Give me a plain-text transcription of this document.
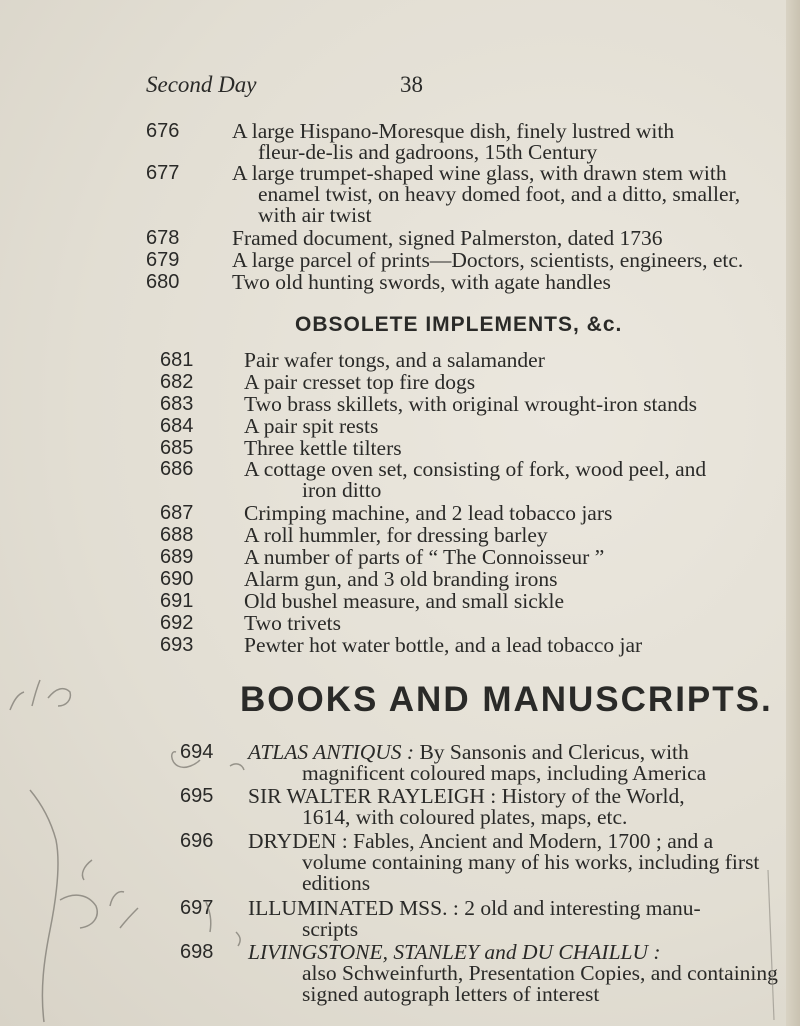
Second Day	38
676 A large Hispano-Moresque dish, finely lustred with
fleur-de-lis and gadroons, 15th Century
677 A large trumpet-shaped wine glass, with drawn stem with
enamel twist, on heavy domed foot, and a ditto, smaller,
with air twist
678 Framed document, signed Palmerston, dated 1736
679 A large parcel of prints—Doctors, scientists, engineers, etc.
680 Two old hunting swords, with agate handles
OBSOLETE IMPLEMENTS, &c.
681 Pair wafer tongs, and a salamander
682 A pair cresset top fire dogs
683 Two brass skillets, with original wrought-iron stands
684 A pair spit rests
685 Three kettle tilters
686 A cottage oven set, consisting of fork, wood peel, and
iron ditto
687 Crimping machine, and 2 lead tobacco jars
688 A roll hummler, for dressing barley
689 A number of parts of “ The Connoisseur ”
690 Alarm gun, and 3 old branding irons
691 Old bushel measure, and small sickle
692 Two trivets
693 Pewter hot water bottle, and a lead tobacco jar
BOOKS AND MANUSCRIPTS.
694 ATLAS ANTIQUS : By Sansonis and Clericus, with
magnificent coloured maps, including America
695 SIR WALTER RAYLEIGH : History of the World,
1614, with coloured plates, maps, etc.
696 DRYDEN : Fables, Ancient and Modern, 1700 ; and a
volume containing many of his works, including first
editions
697 ILLUMINATED MSS. : 2 old and interesting manu-
scripts
698 LIVINGSTONE, STANLEY and DU CHAILLU :
also Schweinfurth, Presentation Copies, and containing
signed autograph letters of interest
